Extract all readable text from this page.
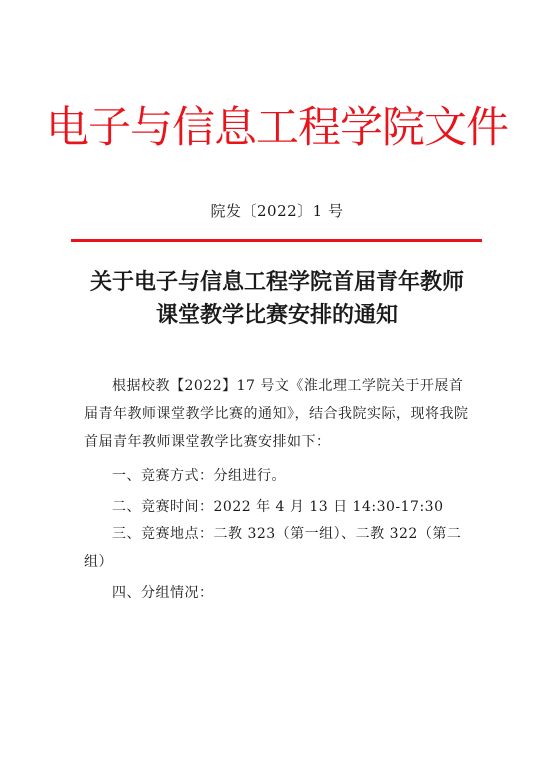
电子与信息工程学院文件
院发〔2022〕1 号
关于电子与信息工程学院首届青年教师
课堂教学比赛安排的通知

根据校教【2022】17 号文《淮北理工学院关于开展首届青年教师课堂教学比赛的通知》，结合我院实际，现将我院首届青年教师课堂教学比赛安排如下：

一、竞赛方式：分组进行。

二、竞赛时间：2022 年 4 月 13 日 14:30-17:30

三、竞赛地点：二教 323（第一组）、二教 322（第二组）

四、分组情况：
